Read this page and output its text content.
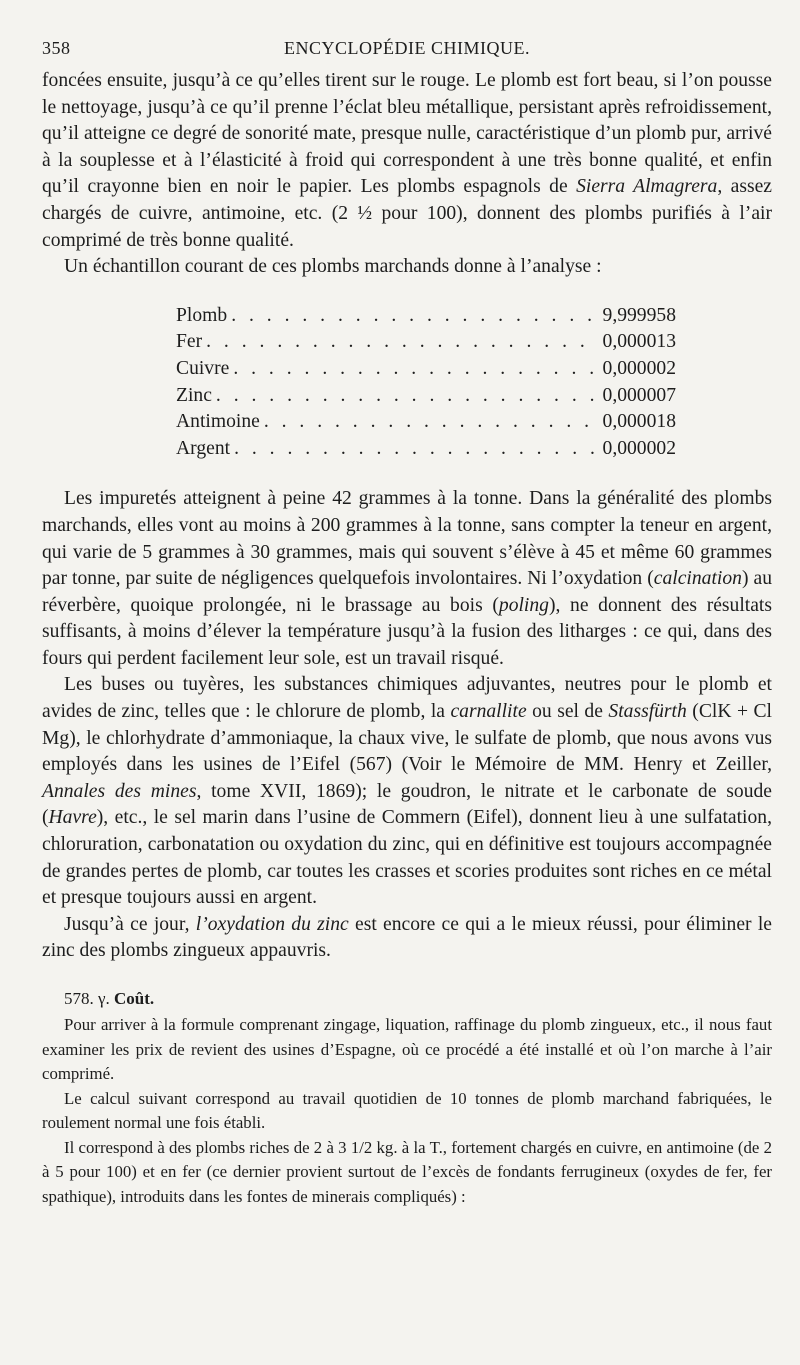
358	ENCYCLOPÉDIE CHIMIQUE.

foncées ensuite, jusqu’à ce qu’elles tirent sur le rouge. Le plomb est fort beau, si l’on pousse le nettoyage, jusqu’à ce qu’il prenne l’éclat bleu métallique, persistant après refroidissement, qu’il atteigne ce degré de sonorité mate, presque nulle, caractéristique d’un plomb pur, arrivé à la souplesse et à l’élasticité à froid qui correspondent à une très bonne qualité, et enfin qu’il crayonne bien en noir le papier. Les plombs espagnols de Sierra Almagrera, assez chargés de cuivre, antimoine, etc. (2 ½ pour 100), donnent des plombs purifiés à l’air comprimé de très bonne qualité.

Un échantillon courant de ces plombs marchands donne à l’analyse :

Plomb . . .	9,999958
Fer . . .	0,000013
Cuivre . . .	0,000002
Zinc . . .	0,000007
Antimoine . . .	0,000018
Argent . . .	0,000002

Les impuretés atteignent à peine 42 grammes à la tonne. Dans la généralité des plombs marchands, elles vont au moins à 200 grammes à la tonne, sans compter la teneur en argent, qui varie de 5 grammes à 30 grammes, mais qui souvent s’élève à 45 et même 60 grammes par tonne, par suite de négligences quelquefois involontaires. Ni l’oxydation (calcination) au réverbère, quoique prolongée, ni le brassage au bois (poling), ne donnent des résultats suffisants, à moins d’élever la température jusqu’à la fusion des litharges : ce qui, dans des fours qui perdent facilement leur sole, est un travail risqué.

Les buses ou tuyères, les substances chimiques adjuvantes, neutres pour le plomb et avides de zinc, telles que : le chlorure de plomb, la carnallite ou sel de Stassfürth (ClK + Cl Mg), le chlorhydrate d’ammoniaque, la chaux vive, le sulfate de plomb, que nous avons vus employés dans les usines de l’Eifel (567) (Voir le Mémoire de MM. Henry et Zeiller, Annales des mines, tome XVII, 1869); le goudron, le nitrate et le carbonate de soude (Havre), etc., le sel marin dans l’usine de Commern (Eifel), donnent lieu à une sulfatation, chloruration, carbonatation ou oxydation du zinc, qui en définitive est toujours accompagnée de grandes pertes de plomb, car toutes les crasses et scories produites sont riches en ce métal et presque toujours aussi en argent.

Jusqu’à ce jour, l’oxydation du zinc est encore ce qui a le mieux réussi, pour éliminer le zinc des plombs zingueux appauvris.

578. γ. Coût.

Pour arriver à la formule comprenant zingage, liquation, raffinage du plomb zingueux, etc., il nous faut examiner les prix de revient des usines d’Espagne, où ce procédé a été installé et où l’on marche à l’air comprimé.

Le calcul suivant correspond au travail quotidien de 10 tonnes de plomb marchand fabriquées, le roulement normal une fois établi.

Il correspond à des plombs riches de 2 à 3 1/2 kg. à la T., fortement chargés en cuivre, en antimoine (de 2 à 5 pour 100) et en fer (ce dernier provient surtout de l’excès de fondants ferrugineux (oxydes de fer, fer spathique), introduits dans les fontes de minerais compliqués) :
